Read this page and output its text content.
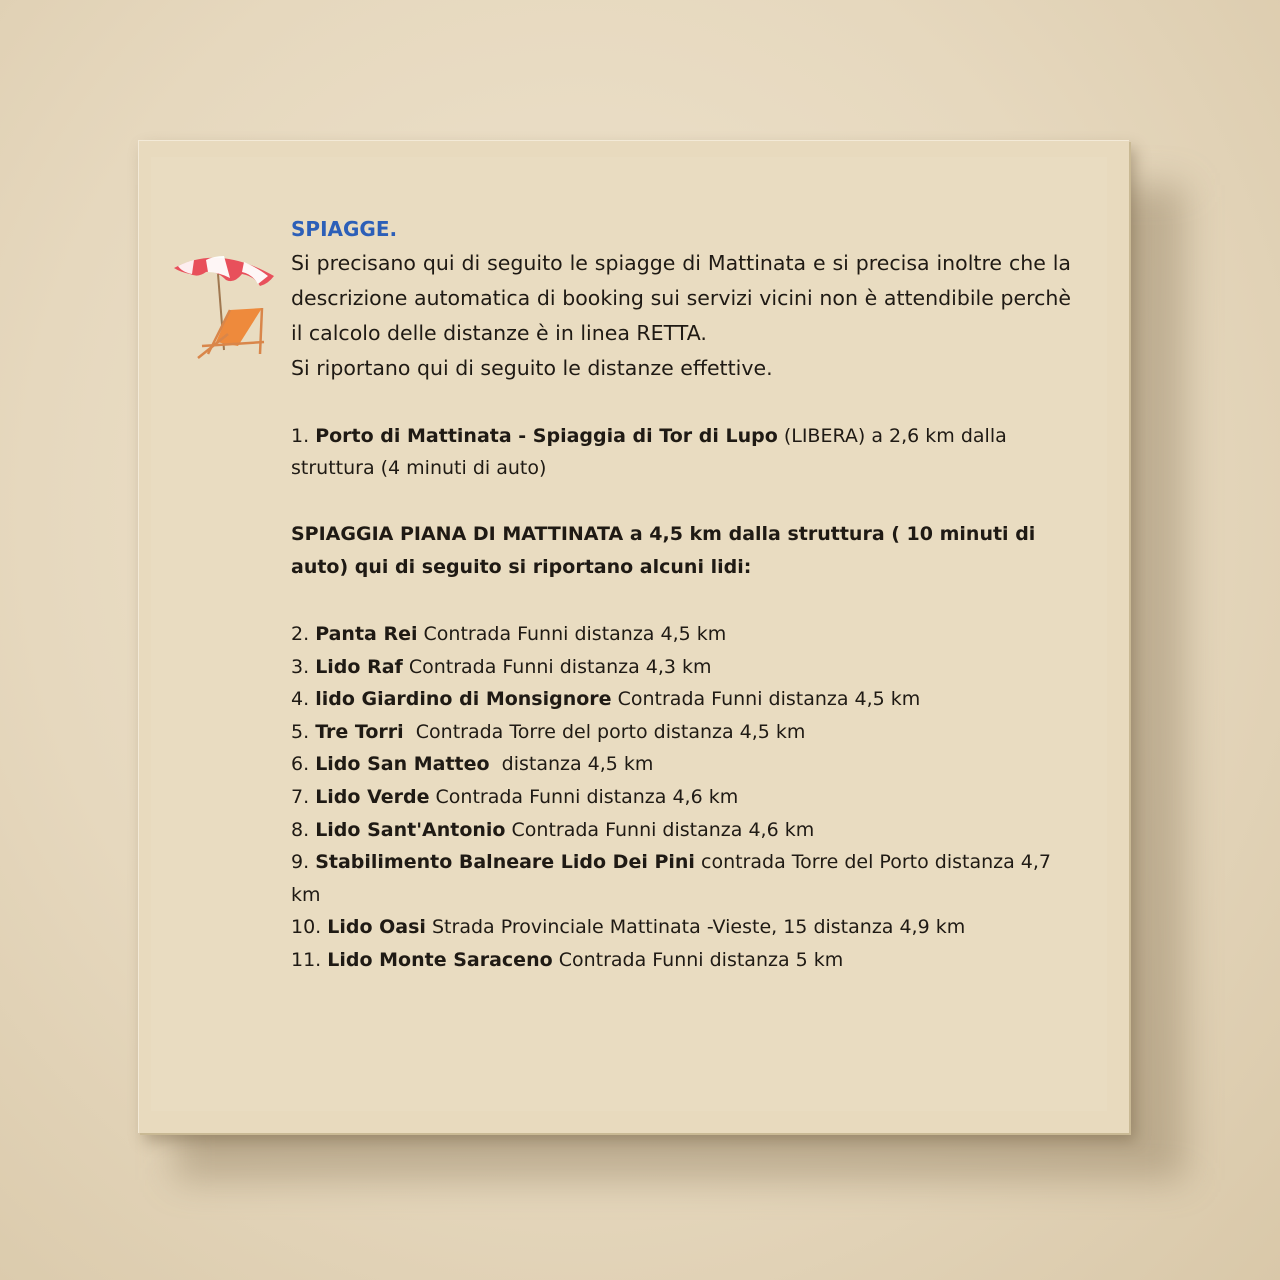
SPIAGGE.

Si precisano qui di seguito le spiagge di Mattinata e si precisa inoltre che la descrizione automatica di booking sui servizi vicini non è attendibile perchè il calcolo delle distanze è in linea RETTA.

Si riportano qui di seguito le distanze effettive.

1. Porto di Mattinata - Spiaggia di Tor di Lupo (LIBERA) a 2,6 km dalla struttura (4 minuti di auto)

SPIAGGIA PIANA DI MATTINATA a 4,5 km dalla struttura ( 10 minuti di auto) qui di seguito si riportano alcuni lidi:

2. Panta Rei Contrada Funni distanza 4,5 km
3. Lido Raf Contrada Funni distanza 4,3 km
4. lido Giardino di Monsignore Contrada Funni distanza 4,5 km
5. Tre Torri  Contrada Torre del porto distanza 4,5 km
6. Lido San Matteo  distanza 4,5 km
7. Lido Verde Contrada Funni distanza 4,6 km
8. Lido Sant'Antonio Contrada Funni distanza 4,6 km
9. Stabilimento Balneare Lido Dei Pini contrada Torre del Porto distanza 4,7 km
10. Lido Oasi Strada Provinciale Mattinata -Vieste, 15 distanza 4,9 km
11. Lido Monte Saraceno Contrada Funni distanza 5 km
